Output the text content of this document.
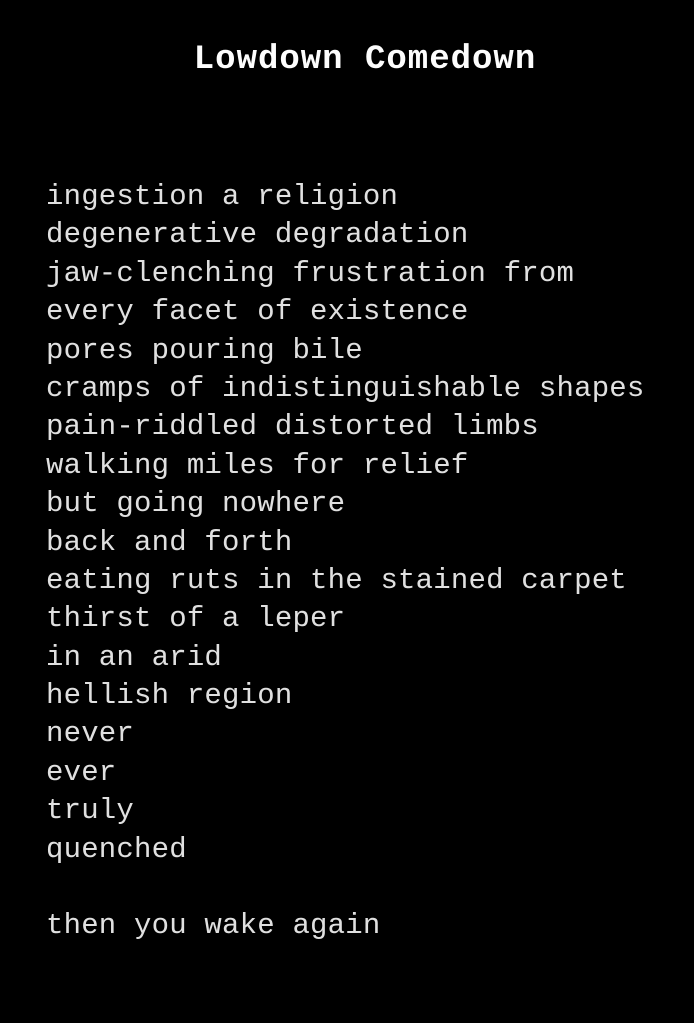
Lowdown Comedown
ingestion a religion
degenerative degradation
jaw-clenching frustration from
every facet of existence
pores pouring bile
cramps of indistinguishable shapes
pain-riddled distorted limbs
walking miles for relief
but going nowhere
back and forth
eating ruts in the stained carpet
thirst of a leper
in an arid
hellish region
never
ever
truly
quenched
then you wake again
